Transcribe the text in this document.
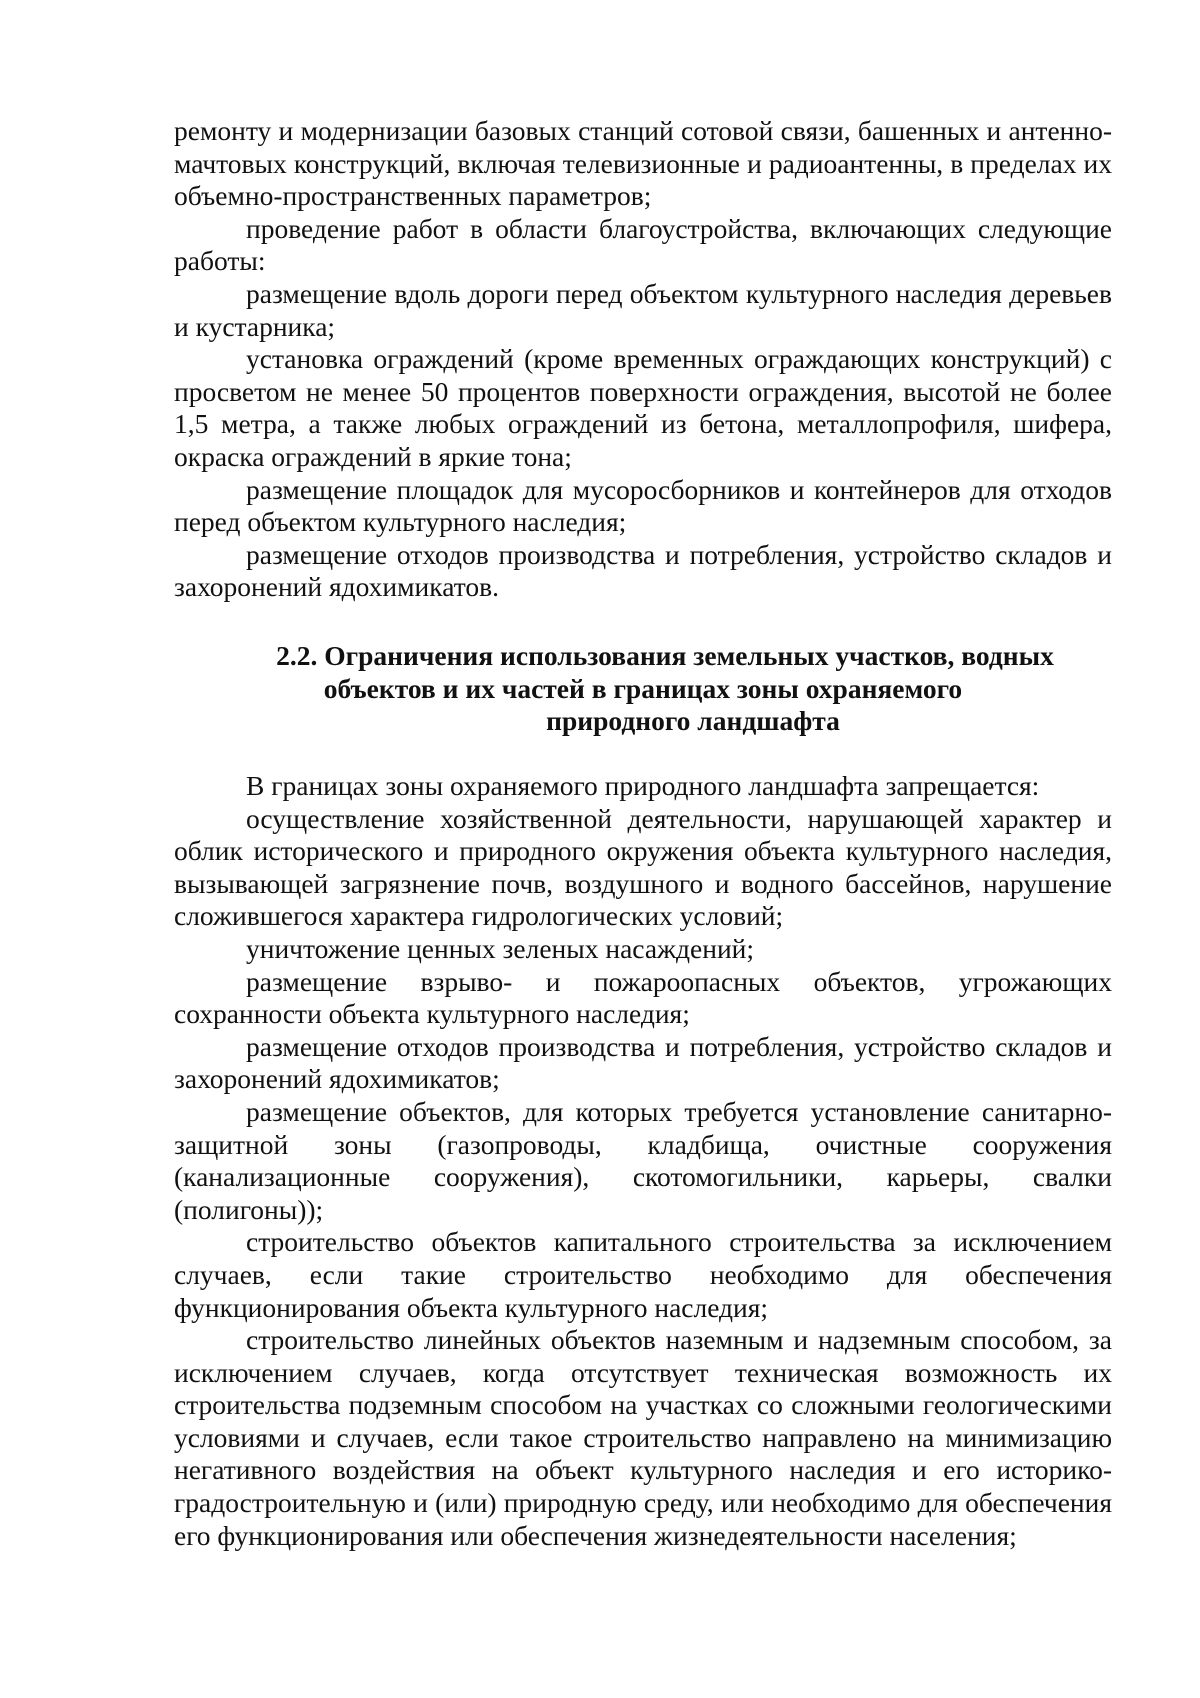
ремонту и модернизации базовых станций сотовой связи, башенных и антенно-мачтовых конструкций, включая телевизионные и радиоантенны, в пределах их объемно-пространственных параметров;

проведение работ в области благоустройства, включающих следующие работы:

размещение вдоль дороги перед объектом культурного наследия деревьев и кустарника;

установка ограждений (кроме временных ограждающих конструкций) с просветом не менее 50 процентов поверхности ограждения, высотой не более 1,5 метра, а также любых ограждений из бетона, металлопрофиля, шифера, окраска ограждений в яркие тона;

размещение площадок для мусоросборников и контейнеров для отходов перед объектом культурного наследия;

размещение отходов производства и потребления, устройство складов и захоронений ядохимикатов.

2.2. Ограничения использования земельных участков, водных
объектов и их частей в границах зоны охраняемого
природного ландшафта

В границах зоны охраняемого природного ландшафта запрещается:

осуществление хозяйственной деятельности, нарушающей характер и облик исторического и природного окружения объекта культурного наследия, вызывающей загрязнение почв, воздушного и водного бассейнов, нарушение сложившегося характера гидрологических условий;

уничтожение ценных зеленых насаждений;

размещение взрыво- и пожароопасных объектов, угрожающих сохранности объекта культурного наследия;

размещение отходов производства и потребления, устройство складов и захоронений ядохимикатов;

размещение объектов, для которых требуется установление санитарно-защитной зоны (газопроводы, кладбища, очистные сооружения (канализационные сооружения), скотомогильники, карьеры, свалки (полигоны));

строительство объектов капитального строительства за исключением случаев, если такие строительство необходимо для обеспечения функционирования объекта культурного наследия;

строительство линейных объектов наземным и надземным способом, за исключением случаев, когда отсутствует техническая возможность их строительства подземным способом на участках со сложными геологическими условиями и случаев, если такое строительство направлено на минимизацию негативного воздействия на объект культурного наследия и его историко-градостроительную и (или) природную среду, или необходимо для обеспечения его функционирования или обеспечения жизнедеятельности населения;
